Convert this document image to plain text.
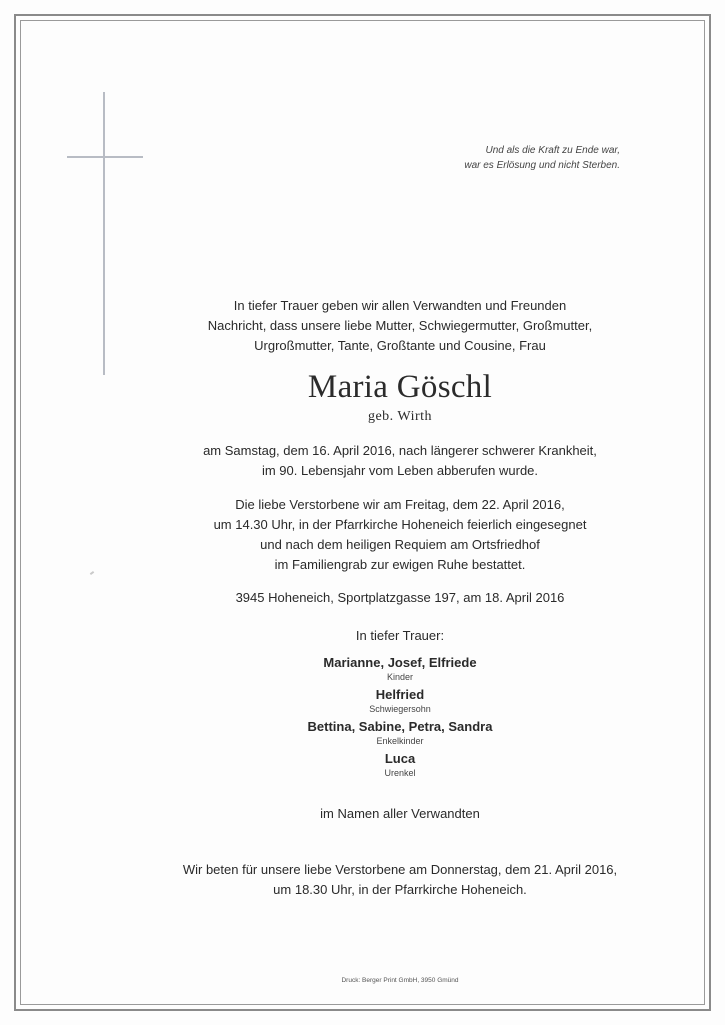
Und als die Kraft zu Ende war,
war es Erlösung und nicht Sterben.
In tiefer Trauer geben wir allen Verwandten und Freunden
Nachricht, dass unsere liebe Mutter, Schwiegermutter, Großmutter,
Urgroßmutter, Tante, Großtante und Cousine, Frau
Maria Göschl
geb. Wirth
am Samstag, dem 16. April 2016, nach längerer schwerer Krankheit,
im 90. Lebensjahr vom Leben abberufen wurde.
Die liebe Verstorbene wir am Freitag, dem 22. April 2016,
um 14.30 Uhr, in der Pfarrkirche Hoheneich feierlich eingesegnet
und nach dem heiligen Requiem am Ortsfriedhof
im Familiengrab zur ewigen Ruhe bestattet.
3945 Hoheneich, Sportplatzgasse 197, am 18. April 2016
In tiefer Trauer:
Marianne, Josef, Elfriede
Kinder
Helfried
Schwiegersohn
Bettina, Sabine, Petra, Sandra
Enkelkinder
Luca
Urenkel
im Namen aller Verwandten
Wir beten für unsere liebe Verstorbene am Donnerstag, dem 21. April 2016,
um 18.30 Uhr, in der Pfarrkirche Hoheneich.
Druck: Berger Print GmbH, 3950 Gmünd
